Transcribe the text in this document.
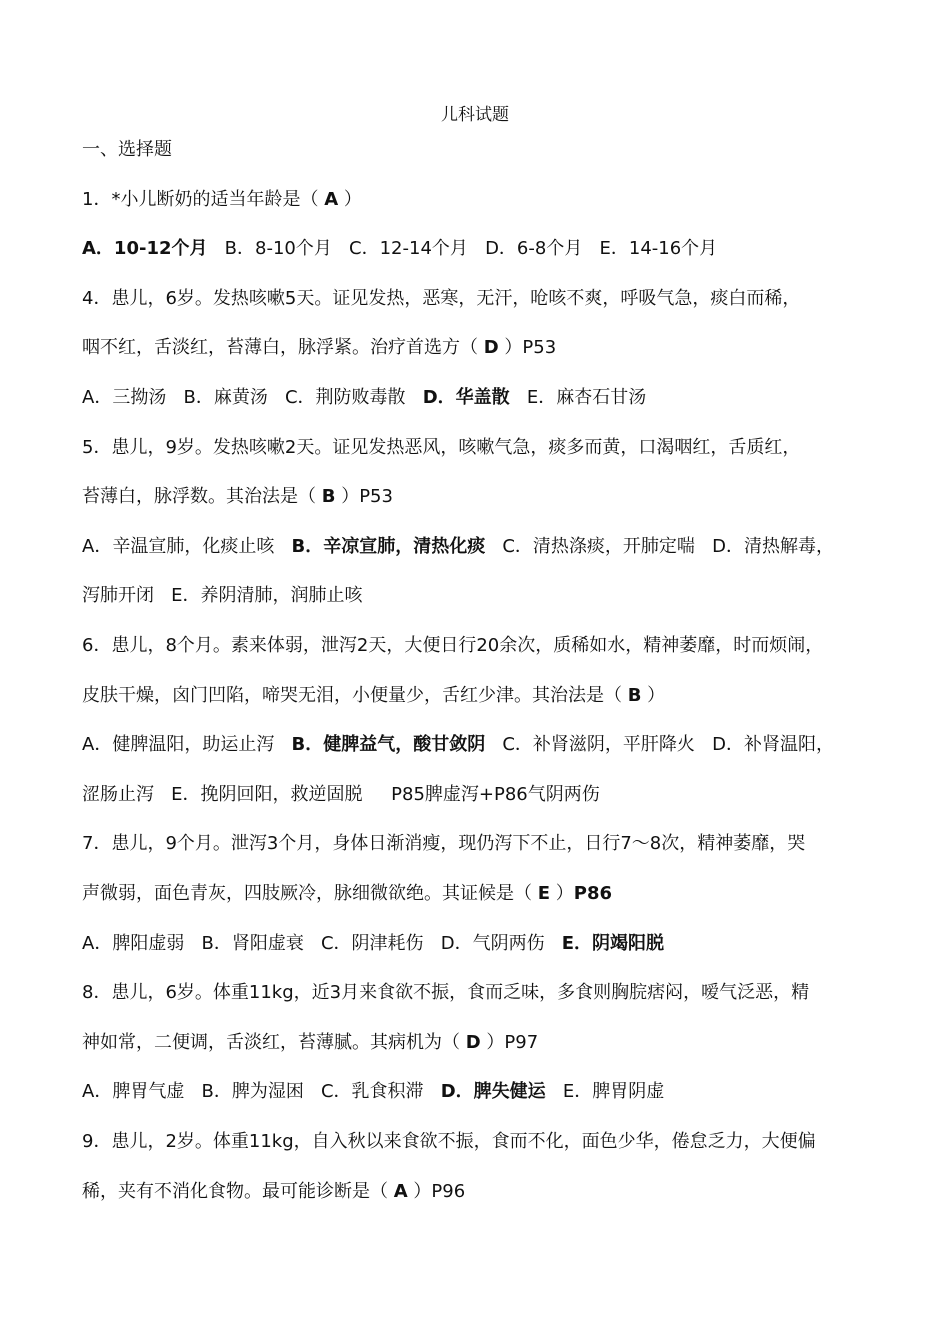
儿科试题
一、选择题
1．*小儿断奶的适当年龄是（ A ）
A．10-12个月   B．8-10个月   C．12-14个月   D．6-8个月   E．14-16个月
4．患儿，6岁。发热咳嗽5天。证见发热，恶寒，无汗，呛咳不爽，呼吸气急，痰白而稀，
咽不红，舌淡红，苔薄白，脉浮紧。治疗首选方（ D ）P53
A．三拗汤   B．麻黄汤   C．荆防败毒散   D．华盖散   E．麻杏石甘汤
5．患儿，9岁。发热咳嗽2天。证见发热恶风，咳嗽气急，痰多而黄，口渴咽红，舌质红，
苔薄白，脉浮数。其治法是（ B ）P53
A．辛温宣肺，化痰止咳   B．辛凉宣肺，清热化痰   C．清热涤痰，开肺定喘   D．清热解毒，
泻肺开闭   E．养阴清肺，润肺止咳
6．患儿，8个月。素来体弱，泄泻2天，大便日行20余次，质稀如水，精神萎靡，时而烦闹，
皮肤干燥，囟门凹陷，啼哭无泪，小便量少，舌红少津。其治法是（ B ）
A．健脾温阳，助运止泻   B．健脾益气，酸甘敛阴   C．补肾滋阴，平肝降火   D．补肾温阳，
涩肠止泻   E．挽阴回阳，救逆固脱     P85脾虚泻+P86气阴两伤
7．患儿，9个月。泄泻3个月，身体日渐消瘦，现仍泻下不止，日行7～8次，精神萎靡，哭
声微弱，面色青灰，四肢厥冷，脉细微欲绝。其证候是（ E ）P86
A．脾阳虚弱   B．肾阳虚衰   C．阴津耗伤   D．气阴两伤   E．阴竭阳脱
8．患儿，6岁。体重11kg，近3月来食欲不振，食而乏味，多食则胸脘痞闷，嗳气泛恶，精
神如常，二便调，舌淡红，苔薄腻。其病机为（ D ）P97
A．脾胃气虚   B．脾为湿困   C．乳食积滞   D．脾失健运   E．脾胃阴虚
9．患儿，2岁。体重11kg，自入秋以来食欲不振，食而不化，面色少华，倦怠乏力，大便偏
稀，夹有不消化食物。最可能诊断是（ A ）P96
